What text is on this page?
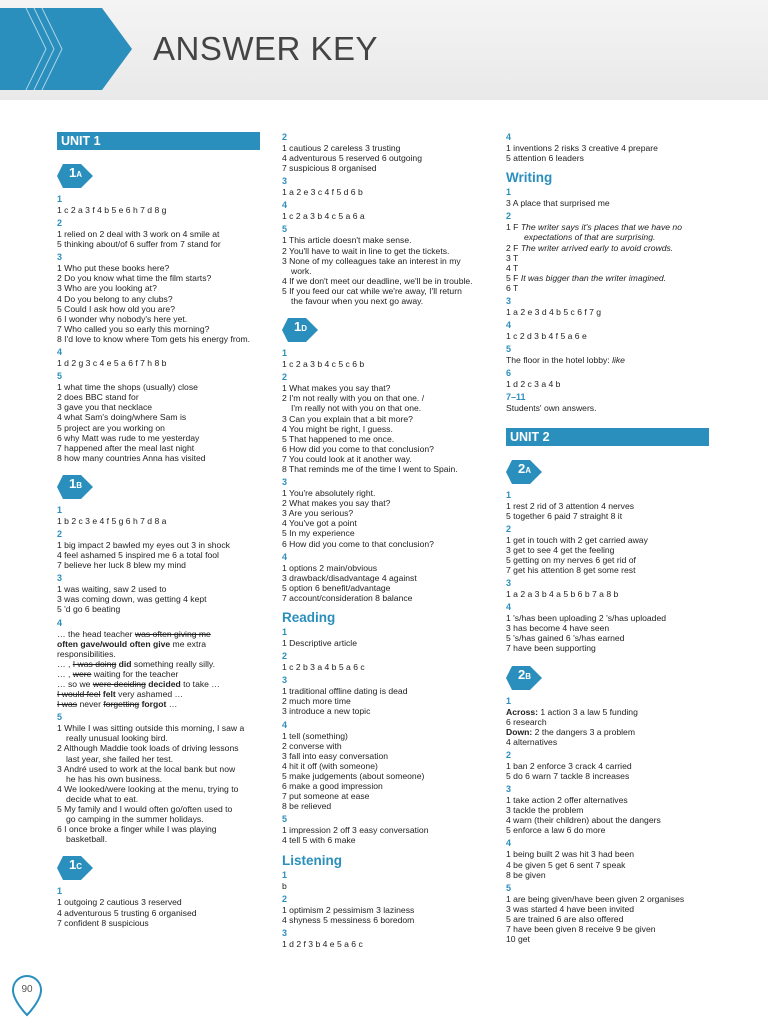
ANSWER KEY
UNIT 1
1A
1
1 c 2 a 3 f 4 b 5 e 6 h 7 d 8 g
2
1 relied on 2 deal with 3 work on 4 smile at
5 thinking about/of 6 suffer from 7 stand for
3
1 Who put these books here?
2 Do you know what time the film starts?
3 Who are you looking at?
4 Do you belong to any clubs?
5 Could I ask how old you are?
6 I wonder why nobody's here yet.
7 Who called you so early this morning?
8 I'd love to know where Tom gets his energy from.
4
1 d 2 g 3 c 4 e 5 a 6 f 7 h 8 b
5
1 what time the shops (usually) close
2 does BBC stand for
3 gave you that necklace
4 what Sam's doing/where Sam is
5 project are you working on
6 why Matt was rude to me yesterday
7 happened after the meal last night
8 how many countries Anna has visited
1B
1
1 b 2 c 3 e 4 f 5 g 6 h 7 d 8 a
2
1 big impact 2 bawled my eyes out 3 in shock
4 feel ashamed 5 inspired me 6 a total fool
7 believe her luck 8 blew my mind
3
1 was waiting, saw 2 used to
3 was coming down, was getting 4 kept
5 'd go 6 beating
4
… the head teacher was often giving me
often gave/would often give me extra
responsibilities.
… , I was doing did something really silly.
… , were waiting for the teacher
… so we were deciding decided to take …
I would feel felt very ashamed …
I was never forgetting forgot …
5
1 While I was sitting outside this morning, I saw a
really unusual looking bird.
2 Although Maddie took loads of driving lessons
last year, she failed her test.
3 André used to work at the local bank but now
he has his own business.
4 We looked/were looking at the menu, trying to
decide what to eat.
5 My family and I would often go/often used to
go camping in the summer holidays.
6 I once broke a finger while I was playing
basketball.
1C
1
1 outgoing 2 cautious 3 reserved
4 adventurous 5 trusting 6 organised
7 confident 8 suspicious
2
1 cautious 2 careless 3 trusting
4 adventurous 5 reserved 6 outgoing
7 suspicious 8 organised
3
1 a 2 e 3 c 4 f 5 d 6 b
4
1 c 2 a 3 b 4 c 5 a 6 a
5
1 This article doesn't make sense.
2 You'll have to wait in line to get the tickets.
3 None of my colleagues take an interest in my
work.
4 If we don't meet our deadline, we'll be in trouble.
5 If you feed our cat while we're away, I'll return
the favour when you next go away.
1D
1
1 c 2 a 3 b 4 c 5 c 6 b
2
1 What makes you say that?
2 I'm not really with you on that one. /
I'm really not with you on that one.
3 Can you explain that a bit more?
4 You might be right, I guess.
5 That happened to me once.
6 How did you come to that conclusion?
7 You could look at it another way.
8 That reminds me of the time I went to Spain.
3
1 You're absolutely right.
2 What makes you say that?
3 Are you serious?
4 You've got a point
5 In my experience
6 How did you come to that conclusion?
4
1 options 2 main/obvious
3 drawback/disadvantage 4 against
5 option 6 benefit/advantage
7 account/consideration 8 balance
Reading
1
1 Descriptive article
2
1 c 2 b 3 a 4 b 5 a 6 c
3
1 traditional offline dating is dead
2 much more time
3 introduce a new topic
4
1 tell (something)
2 converse with
3 fall into easy conversation
4 hit it off (with someone)
5 make judgements (about someone)
6 make a good impression
7 put someone at ease
8 be relieved
5
1 impression 2 off 3 easy conversation
4 tell 5 with 6 make
Listening
1
b
2
1 optimism 2 pessimism 3 laziness
4 shyness 5 messiness 6 boredom
3
1 d 2 f 3 b 4 e 5 a 6 c
4
1 inventions 2 risks 3 creative 4 prepare
5 attention 6 leaders
Writing
1
3 A place that surprised me
2
1 F The writer says it's places that we have no
expectations of that are surprising.
2 F The writer arrived early to avoid crowds.
3 T
4 T
5 F It was bigger than the writer imagined.
6 T
3
1 a 2 e 3 d 4 b 5 c 6 f 7 g
4
1 c 2 d 3 b 4 f 5 a 6 e
5
The floor in the hotel lobby: like
6
1 d 2 c 3 a 4 b
7–11
Students' own answers.
UNIT 2
2A
1
1 rest 2 rid of 3 attention 4 nerves
5 together 6 paid 7 straight 8 it
2
1 get in touch with 2 get carried away
3 get to see 4 get the feeling
5 getting on my nerves 6 get rid of
7 get his attention 8 get some rest
3
1 a 2 a 3 b 4 a 5 b 6 b 7 a 8 b
4
1 's/has been uploading 2 's/has uploaded
3 has become 4 have seen
5 's/has gained 6 's/has earned
7 have been supporting
2B
1
Across: 1 action 3 a law 5 funding
6 research
Down: 2 the dangers 3 a problem
4 alternatives
2
1 ban 2 enforce 3 crack 4 carried
5 do 6 warn 7 tackle 8 increases
3
1 take action 2 offer alternatives
3 tackle the problem
4 warn (their children) about the dangers
5 enforce a law 6 do more
4
1 being built 2 was hit 3 had been
4 be given 5 get 6 sent 7 speak
8 be given
5
1 are being given/have been given 2 organises
3 was started 4 have been invited
5 are trained 6 are also offered
7 have been given 8 receive 9 be given
10 get
90
